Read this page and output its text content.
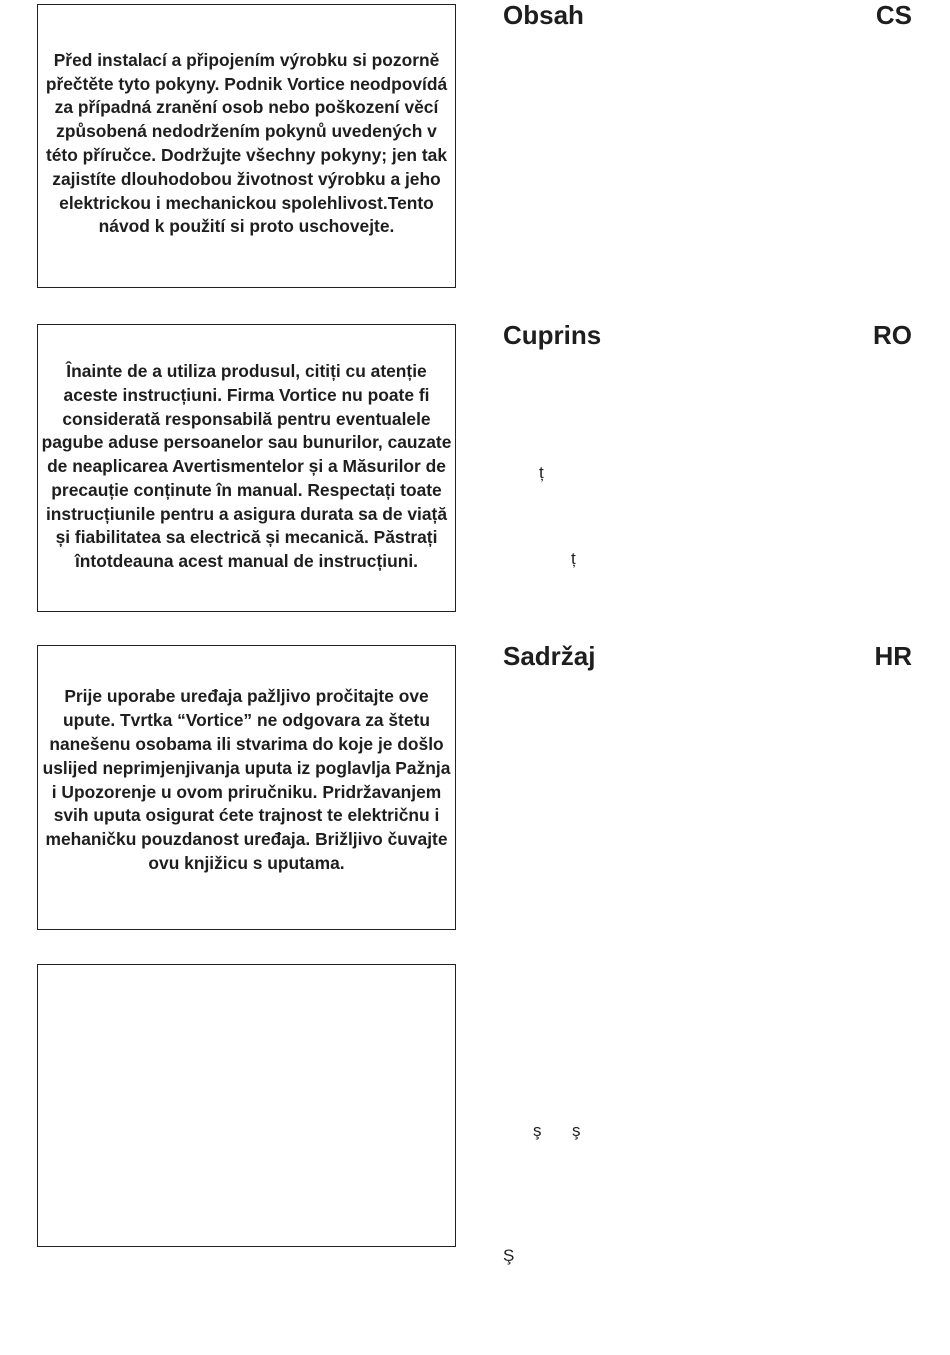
Před instalací a připojením výrobku si pozorně přečtěte tyto pokyny. Podnik Vortice neodpovídá za případná zranění osob nebo poškození věcí způsobená nedodržením pokynů uvedených v této příručce. Dodržujte všechny pokyny; jen tak zajistíte dlouhodobou životnost výrobku a jeho elektrickou i mechanickou spolehlivost.Tento návod k použití si proto uschovejte.

Înainte de a utiliza produsul, citiți cu atenție aceste instrucțiuni. Firma Vortice nu poate fi considerată responsabilă pentru eventualele pagube aduse persoanelor sau bunurilor, cauzate de neaplicarea Avertismentelor și a Măsurilor de precauție conținute în manual. Respectați toate instrucțiunile pentru a asigura durata sa de viață și fiabilitatea sa electrică și mecanică. Păstrați întotdeauna acest manual de instrucțiuni.

Prije uporabe uređaja pažljivo pročitajte ove upute. Tvrtka “Vortice” ne odgovara za štetu nanešenu osobama ili stvarima do koje je došlo uslijed neprimjenjivanja uputa iz poglavlja Pažnja i Upozorenje u ovom priručniku. Pridržavanjem svih uputa osigurat ćete trajnost te električnu i mehaničku pouzdanost uređaja. Brižljivo čuvajte ovu knjižicu s uputama.

Obsah	CS
Cuprins	RO
Sadržaj	HR
ț
ț
ş ş
Ş
